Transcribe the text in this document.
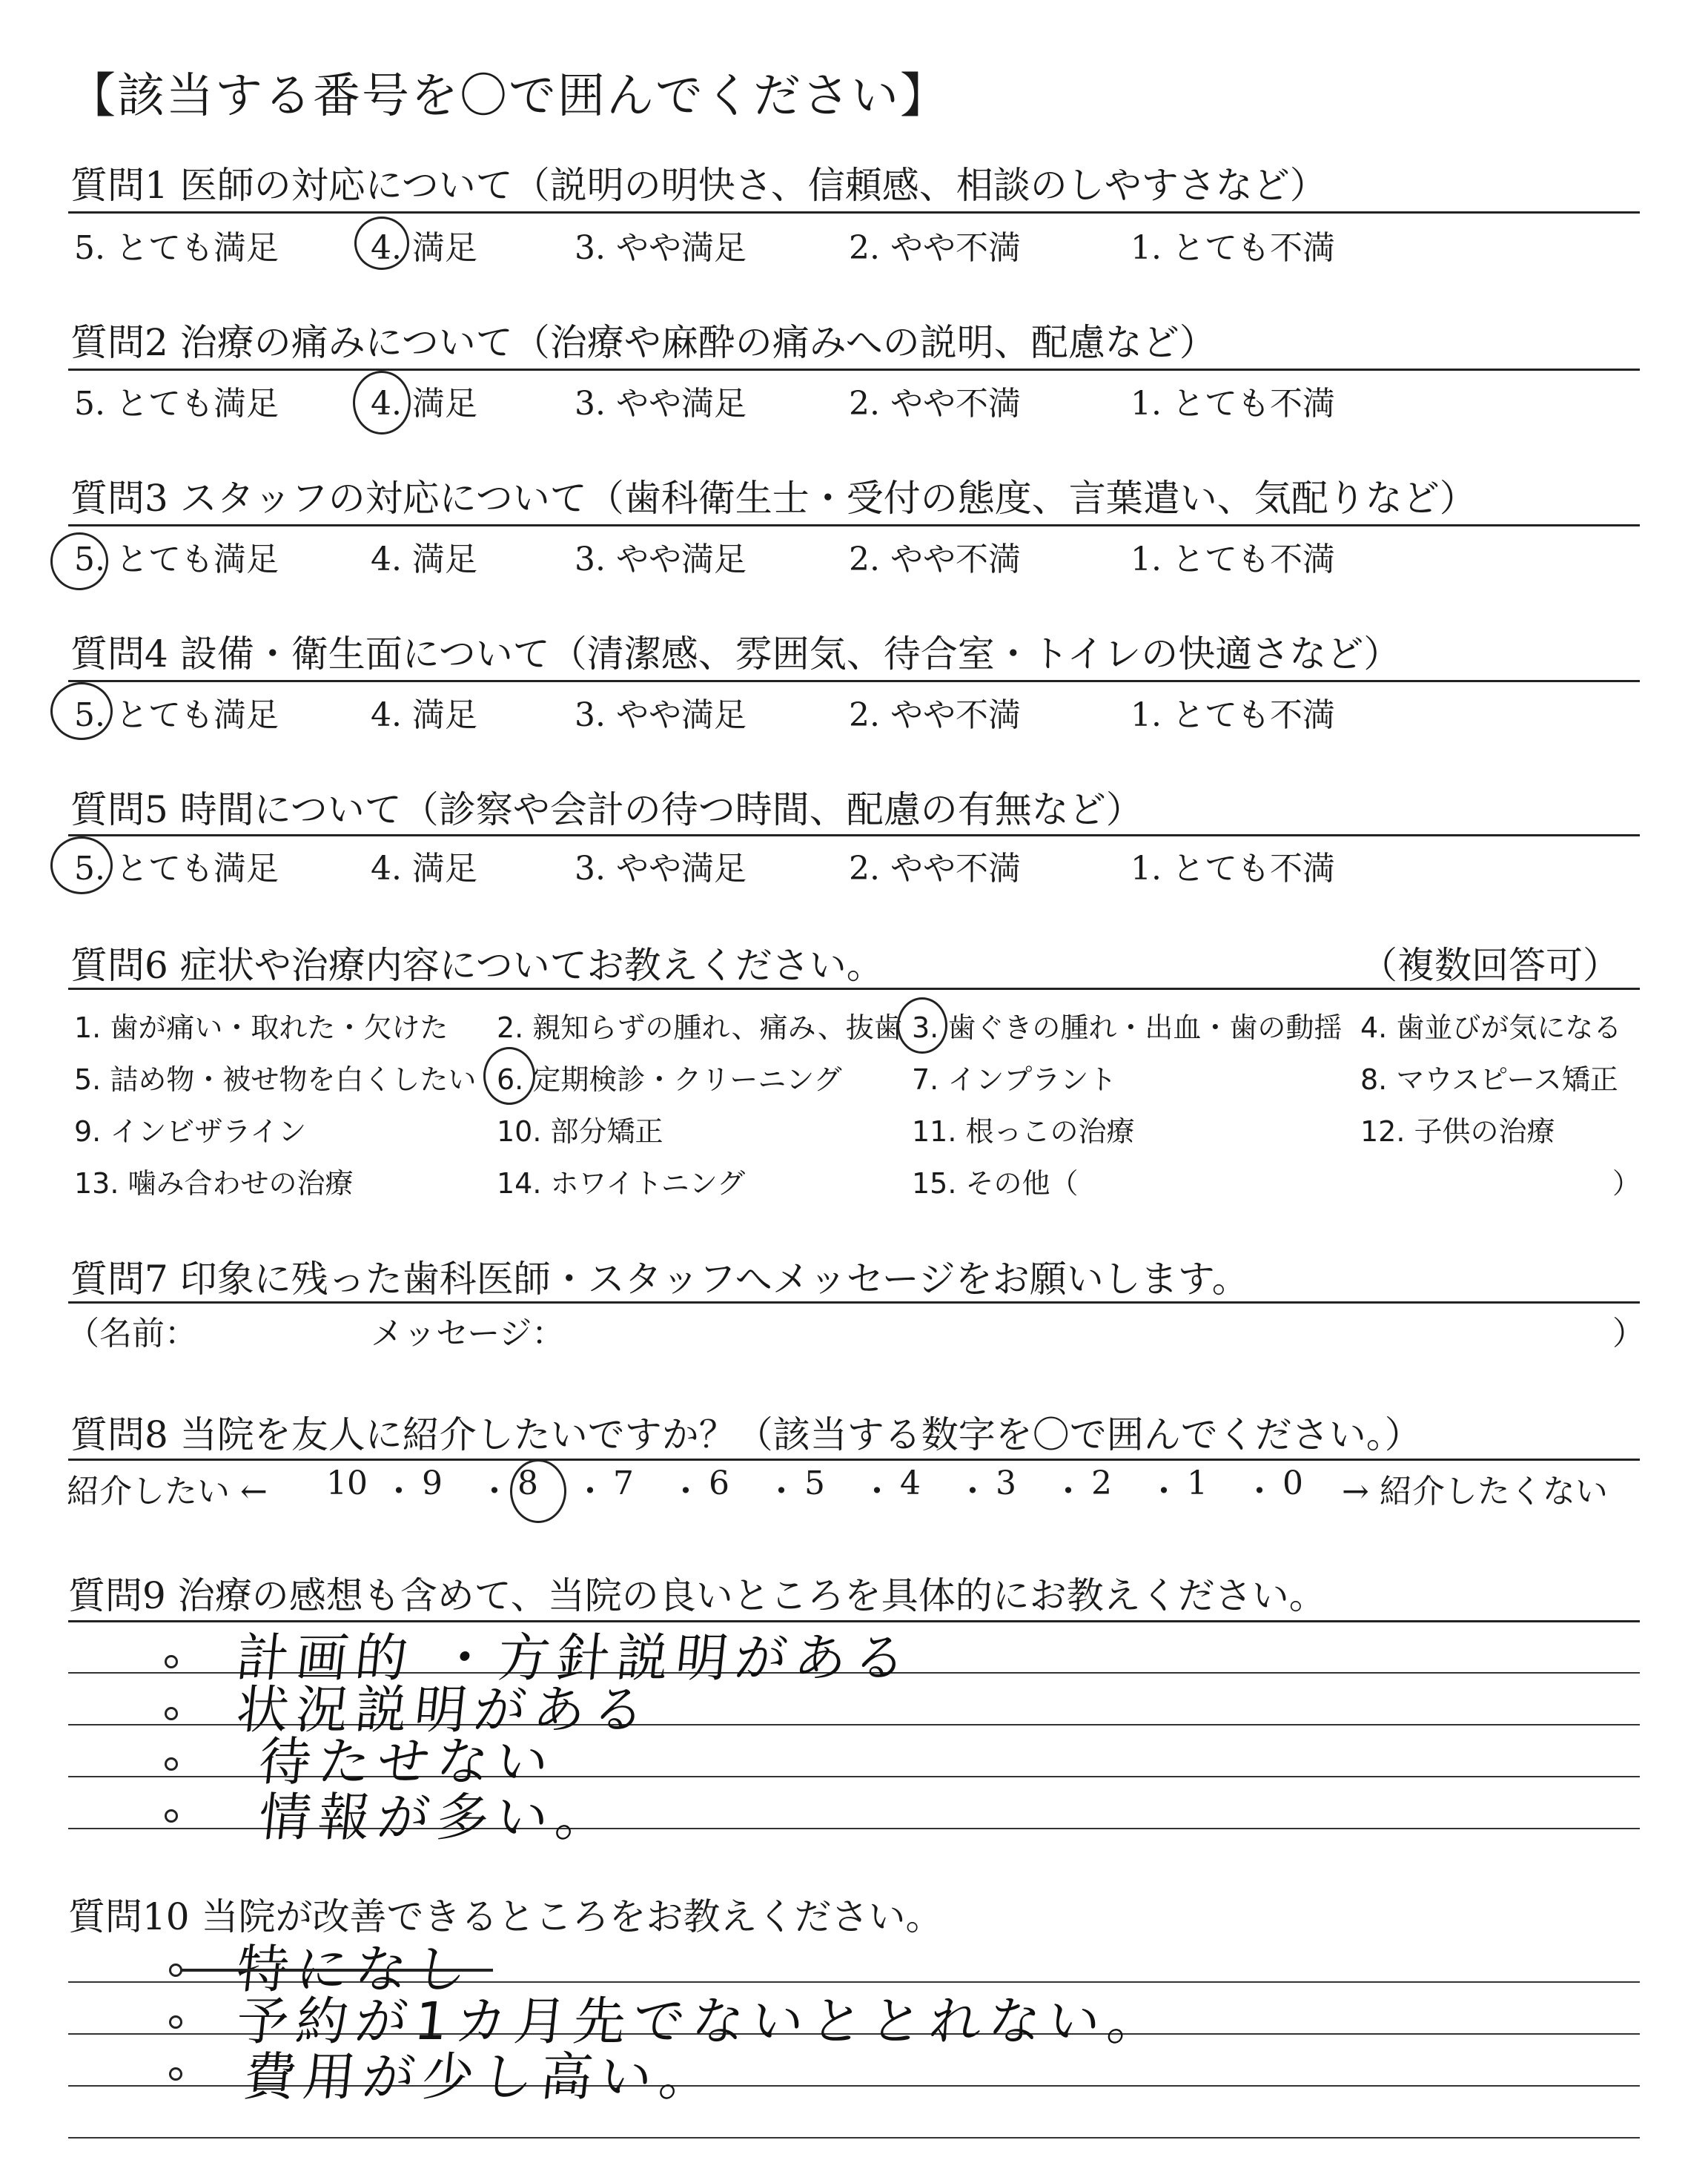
【該当する番号を〇で囲んでください】
質問1 医師の対応について（説明の明快さ、信頼感、相談のしやすさなど）
5. とても満足	4. 満足	3. やや満足	2. やや不満	1. とても不満
質問2 治療の痛みについて（治療や麻酔の痛みへの説明、配慮など）
5. とても満足	4. 満足	3. やや満足	2. やや不満	1. とても不満
質問3 スタッフの対応について（歯科衛生士・受付の態度、言葉遣い、気配りなど）
5. とても満足	4. 満足	3. やや満足	2. やや不満	1. とても不満
質問4 設備・衛生面について（清潔感、雰囲気、待合室・トイレの快適さなど）
5. とても満足	4. 満足	3. やや満足	2. やや不満	1. とても不満
質問5 時間について（診察や会計の待つ時間、配慮の有無など）
5. とても満足	4. 満足	3. やや満足	2. やや不満	1. とても不満
質問6 症状や治療内容についてお教えください。	（複数回答可）
1. 歯が痛い・取れた・欠けた 2. 親知らずの腫れ、痛み、抜歯 3. 歯ぐきの腫れ・出血・歯の動揺 4. 歯並びが気になる
5. 詰め物・被せ物を白くしたい 6. 定期検診・クリーニング 7. インプラント	8. マウスピース矯正
9. インビザライン	10. 部分矯正	11. 根っこの治療	12. 子供の治療
13. 噛み合わせの治療	14. ホワイトニング	15. その他（	）
質問7 印象に残った歯科医師・スタッフへメッセージをお願いします。
（名前：	メッセージ：	）
質問8 当院を友人に紹介したいですか？（該当する数字を〇で囲んでください。）
紹介したい ←	→ 紹介したくない
10 ・ 9 ・ 8 ・ 7 ・ 6 ・ 5 ・ 4 ・ 3 ・ 2 ・ 1 ・ 0
質問9 治療の感想も含めて、当院の良いところを具体的にお教えください。
計画的 ・方針説明がある
状況説明がある
待たせない
情報が多い。
質問10 当院が改善できるところをお教えください。
特になし
予約が1カ月先でないととれない。
費用が少し高い。
